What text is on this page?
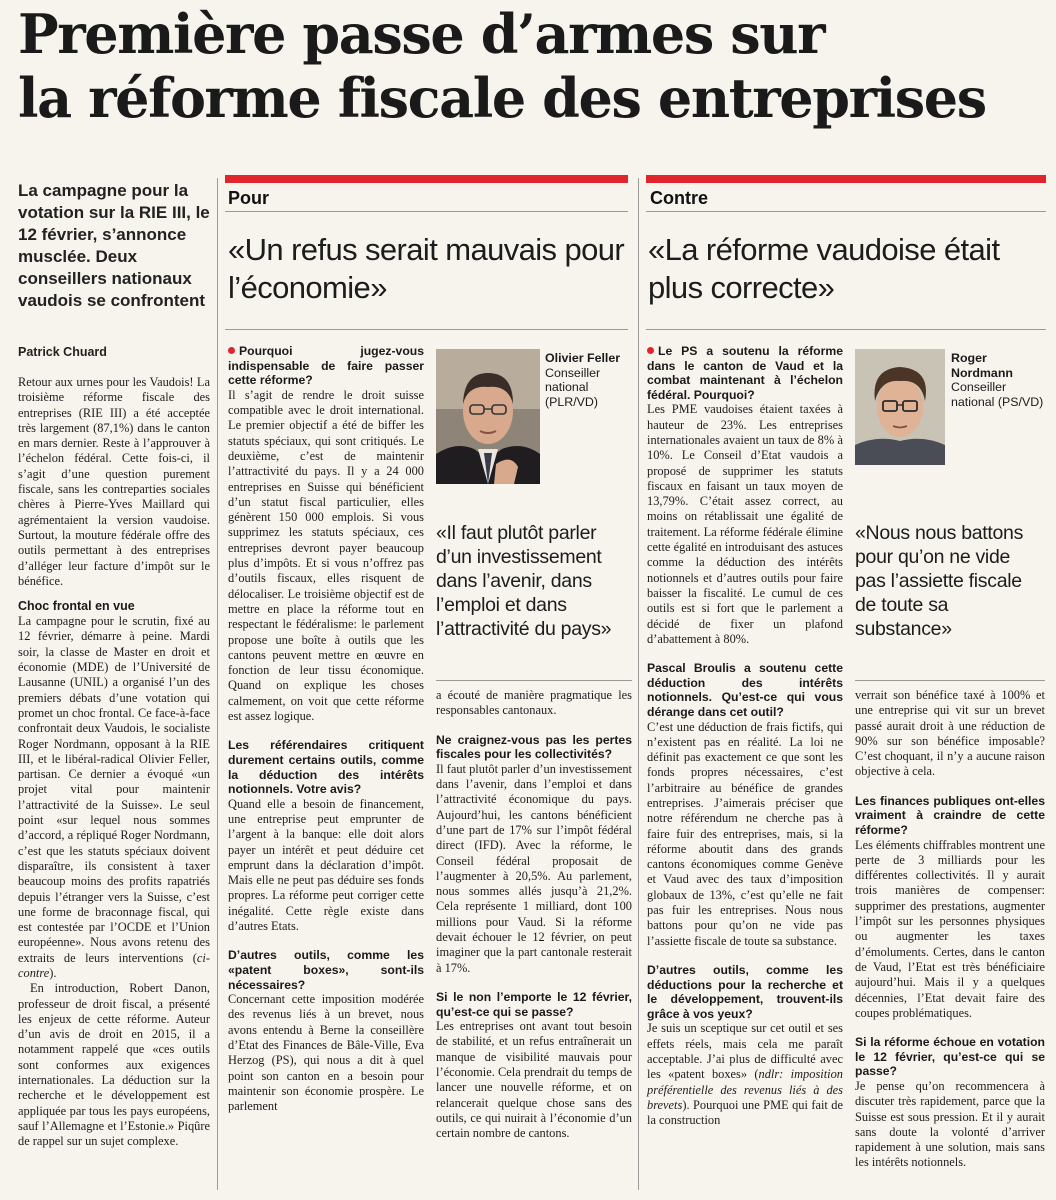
Première passe d’armes sur
la réforme fiscale des entreprises

La campagne pour la votation sur la RIE III, le 12 février, s’annonce musclée. Deux conseillers nationaux vaudois se confrontent

Patrick Chuard

Retour aux urnes pour les Vaudois! La troisième réforme fiscale des entreprises (RIE III) a été acceptée très largement (87,1%) dans le canton en mars dernier. Reste à l’approuver à l’échelon fédéral. Cette fois-ci, il s’agit d’une question purement fiscale, sans les contreparties sociales chères à Pierre-Yves Maillard qui agrémentaient la version vaudoise. Surtout, la mouture fédérale offre des outils permettant à des entreprises d’alléger leur facture d’impôt sur le bénéfice.

Choc frontal en vue

La campagne pour le scrutin, fixé au 12 février, démarre à peine. Mardi soir, la classe de Master en droit et économie (MDE) de l’Université de Lausanne (UNIL) a organisé l’un des premiers débats d’une votation qui promet un choc frontal. Ce face-à-face confrontait deux Vaudois, le socialiste Roger Nordmann, opposant à la RIE III, et le libéral-radical Olivier Feller, partisan. Ce dernier a évoqué «un projet vital pour maintenir l’attractivité de la Suisse». Le seul point «sur lequel nous sommes d’accord, a répliqué Roger Nordmann, c’est que les statuts spéciaux doivent disparaître, ils consistent à taxer beaucoup moins des profits rapatriés depuis l’étranger vers la Suisse, c’est une forme de braconnage fiscal, qui est contestée par l’OCDE et l’Union européenne». Nous avons retenu des extraits de leurs interventions (ci-contre).

En introduction, Robert Danon, professeur de droit fiscal, a présenté les enjeux de cette réforme. Auteur d’un avis de droit en 2015, il a notamment rappelé que «ces outils sont conformes aux exigences internationales. La déduction sur la recherche et le développement est appliquée par tous les pays européens, sauf l’Allemagne et l’Estonie.» Piqûre de rappel sur un sujet complexe.

Pour

«Un refus serait mauvais pour l’économie»

Pourquoi jugez-vous indispensable de faire passer cette réforme?

Il s’agit de rendre le droit suisse compatible avec le droit international. Le premier objectif a été de biffer les statuts spéciaux, qui sont critiqués. Le deuxième, c’est de maintenir l’attractivité du pays. Il y a 24 000 entreprises en Suisse qui bénéficient d’un statut fiscal particulier, elles génèrent 150 000 emplois. Si vous supprimez les statuts spéciaux, ces entreprises devront payer beaucoup plus d’impôts. Et si vous n’offrez pas d’outils fiscaux, elles risquent de délocaliser. Le troisième objectif est de mettre en place la réforme tout en respectant le fédéralisme: le parlement propose une boîte à outils que les cantons peuvent mettre en œuvre en fonction de leur tissu économique. Quand on explique les choses calmement, on voit que cette réforme est assez logique.

Les référendaires critiquent durement certains outils, comme la déduction des intérêts notionnels. Votre avis?

Quand elle a besoin de financement, une entreprise peut emprunter de l’argent à la banque: elle doit alors payer un intérêt et peut déduire cet emprunt dans la déclaration d’impôt. Mais elle ne peut pas déduire ses fonds propres. La réforme peut corriger cette inégalité. Cette règle existe dans d’autres Etats.

D’autres outils, comme les «patent boxes», sont-ils nécessaires?

Concernant cette imposition modérée des revenus liés à un brevet, nous avons entendu à Berne la conseillère d’Etat des Finances de Bâle-Ville, Eva Herzog (PS), qui nous a dit à quel point son canton en a besoin pour maintenir son économie prospère. Le parlement

Olivier Feller

Conseiller national (PLR/VD)

«Il faut plutôt parler d’un investissement dans l’avenir, dans l’emploi et dans l’attractivité du pays»

a écouté de manière pragmatique les responsables cantonaux.

Ne craignez-vous pas les pertes fiscales pour les collectivités?

Il faut plutôt parler d’un investissement dans l’avenir, dans l’emploi et dans l’attractivité économique du pays. Aujourd’hui, les cantons bénéficient d’une part de 17% sur l’impôt fédéral direct (IFD). Avec la réforme, le Conseil fédéral proposait de l’augmenter à 20,5%. Au parlement, nous sommes allés jusqu’à 21,2%. Cela représente 1 milliard, dont 100 millions pour Vaud. Si la réforme devait échouer le 12 février, on peut imaginer que la part cantonale resterait à 17%.

Si le non l’emporte le 12 février, qu’est-ce qui se passe?

Les entreprises ont avant tout besoin de stabilité, et un refus entraînerait un manque de visibilité mauvais pour l’économie. Cela prendrait du temps de lancer une nouvelle réforme, et on relancerait quelque chose sans des outils, ce qui nuirait à l’économie d’un certain nombre de cantons.

Contre

«La réforme vaudoise était plus correcte»

Le PS a soutenu la réforme dans le canton de Vaud et la combat maintenant à l’échelon fédéral. Pourquoi?

Les PME vaudoises étaient taxées à hauteur de 23%. Les entreprises internationales avaient un taux de 8% à 10%. Le Conseil d’Etat vaudois a proposé de supprimer les statuts fiscaux en faisant un taux moyen de 13,79%. C’était assez correct, au moins on rétablissait une égalité de traitement. La réforme fédérale élimine cette égalité en introduisant des astuces comme la déduction des intérêts notionnels et d’autres outils pour faire baisser la fiscalité. Le cumul de ces outils est si fort que le parlement a décidé de fixer un plafond d’abattement à 80%.

Pascal Broulis a soutenu cette déduction des intérêts notionnels. Qu’est-ce qui vous dérange dans cet outil?

C’est une déduction de frais fictifs, qui n’existent pas en réalité. La loi ne définit pas exactement ce que sont les fonds propres nécessaires, c’est l’arbitraire au bénéfice de grandes entreprises. J’aimerais préciser que notre référendum ne cherche pas à faire fuir des entreprises, mais, si la réforme aboutit dans des grands cantons économiques comme Genève et Vaud avec des taux d’imposition globaux de 13%, c’est qu’elle ne fait pas fuir les entreprises. Nous nous battons pour qu’on ne vide pas l’assiette fiscale de toute sa substance.

D’autres outils, comme les déductions pour la recherche et le développement, trouvent-ils grâce à vos yeux?

Je suis un sceptique sur cet outil et ses effets réels, mais cela me paraît acceptable. J’ai plus de difficulté avec les «patent boxes» (ndlr: imposition préférentielle des revenus liés à des brevets). Pourquoi une PME qui fait de la construction

Roger Nordmann

Conseiller national (PS/VD)

«Nous nous battons pour qu’on ne vide pas l’assiette fiscale de toute sa substance»

verrait son bénéfice taxé à 100% et une entreprise qui vit sur un brevet passé aurait droit à une réduction de 90% sur son bénéfice imposable? C’est choquant, il n’y a aucune raison objective à cela.

Les finances publiques ont-elles vraiment à craindre de cette réforme?

Les éléments chiffrables montrent une perte de 3 milliards pour les différentes collectivités. Il y aurait trois manières de compenser: supprimer des prestations, augmenter l’impôt sur les personnes physiques ou augmenter les taxes d’émoluments. Certes, dans le canton de Vaud, l’Etat est très bénéficiaire aujourd’hui. Mais il y a quelques décennies, l’Etat devait faire des coupes problématiques.

Si la réforme échoue en votation le 12 février, qu’est-ce qui se passe?

Je pense qu’on recommencera à discuter très rapidement, parce que la Suisse est sous pression. Et il y aurait sans doute la volonté d’arriver rapidement à une solution, mais sans les intérêts notionnels.
